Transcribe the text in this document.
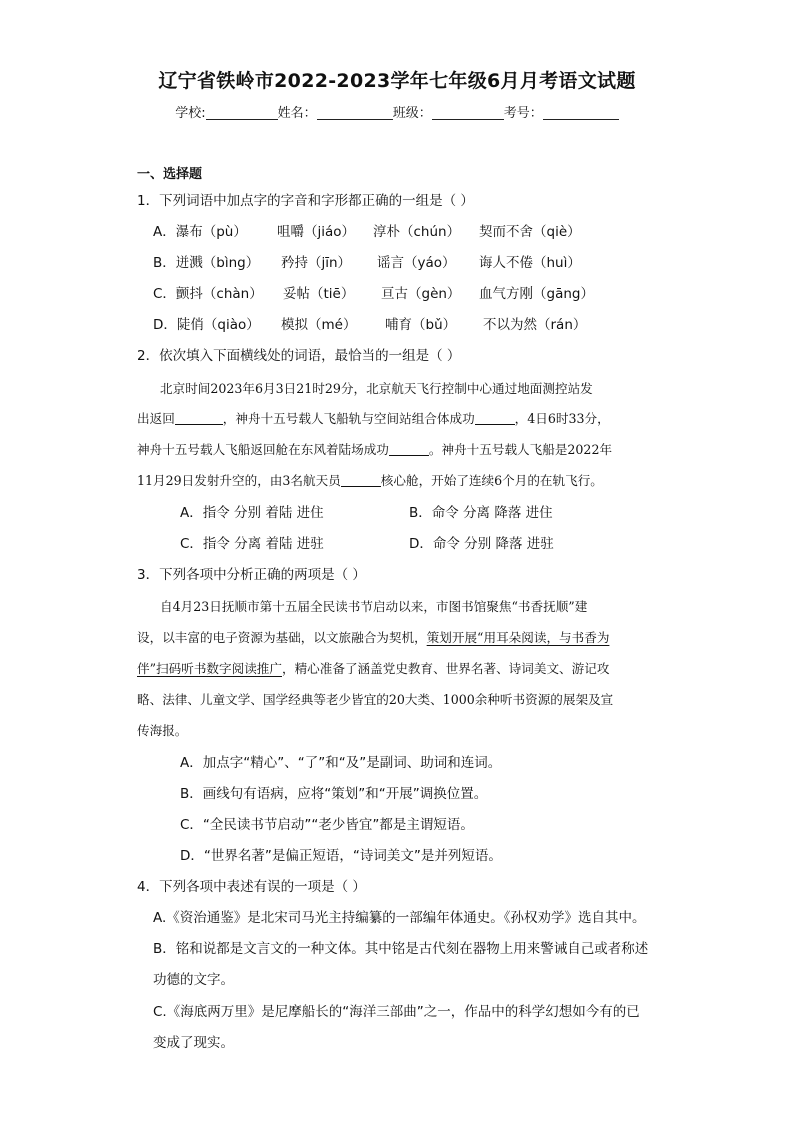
辽宁省铁岭市2022-2023学年七年级6月月考语文试题
学校:	姓名：	班级：	考号：
一、选择题
1．下列词语中加点字的字音和字形都正确的一组是（ ）
A．瀑布（pù） 咀嚼（jiáo） 淳朴（chún） 契而不舍（qiè）
B．迸溅（bìng） 矜持（jīn） 谣言（yáo） 诲人不倦（huì）
C．颤抖（chàn） 妥帖（tiē） 亘古（gèn） 血气方刚（gāng）
D．陡俏（qiào） 模拟（mé） 哺育（bǔ） 不以为然（rán）
2．依次填入下面横线处的词语，最恰当的一组是（ ）
北京时间2023年6月3日21时29分，北京航天飞行控制中心通过地面测控站发
出返回	，神舟十五号载人飞船轨与空间站组合体成功	，4日6时33分，
神舟十五号载人飞船返回舱在东风着陆场成功	。神舟十五号载人飞船是2022年
11月29日发射升空的，由3名航天员	核心舱，开始了连续6个月的在轨飞行。
A．指令 分别 着陆 进住	B．命令 分离 降落 进住
C．指令 分离 着陆 进驻	D．命令 分别 降落 进驻
3．下列各项中分析正确的两项是（ ）
自4月23日抚顺市第十五届全民读书节启动以来，市图书馆聚焦“书香抚顺”建
设，以丰富的电子资源为基础，以文旅融合为契机，策划开展“用耳朵阅读，与书香为
伴”扫码听书数字阅读推广，精心准备了涵盖党史教育、世界名著、诗词美文、游记攻
略、法律、儿童文学、国学经典等老少皆宜的20大类、1000余种听书资源的展架及宣
传海报。
A．加点字“精心”、“了”和“及”是副词、助词和连词。
B．画线句有语病，应将“策划”和“开展”调换位置。
C．“全民读书节启动”“老少皆宜”都是主谓短语。
D．“世界名著”是偏正短语，“诗词美文”是并列短语。
4．下列各项中表述有误的一项是（ ）
A.《资治通鉴》是北宋司马光主持编纂的一部编年体通史。《孙权劝学》选自其中。
B．铭和说都是文言文的一种文体。其中铭是古代刻在器物上用来警诫自己或者称述
功德的文字。
C.《海底两万里》是尼摩船长的“海洋三部曲”之一，作品中的科学幻想如今有的已
变成了现实。
